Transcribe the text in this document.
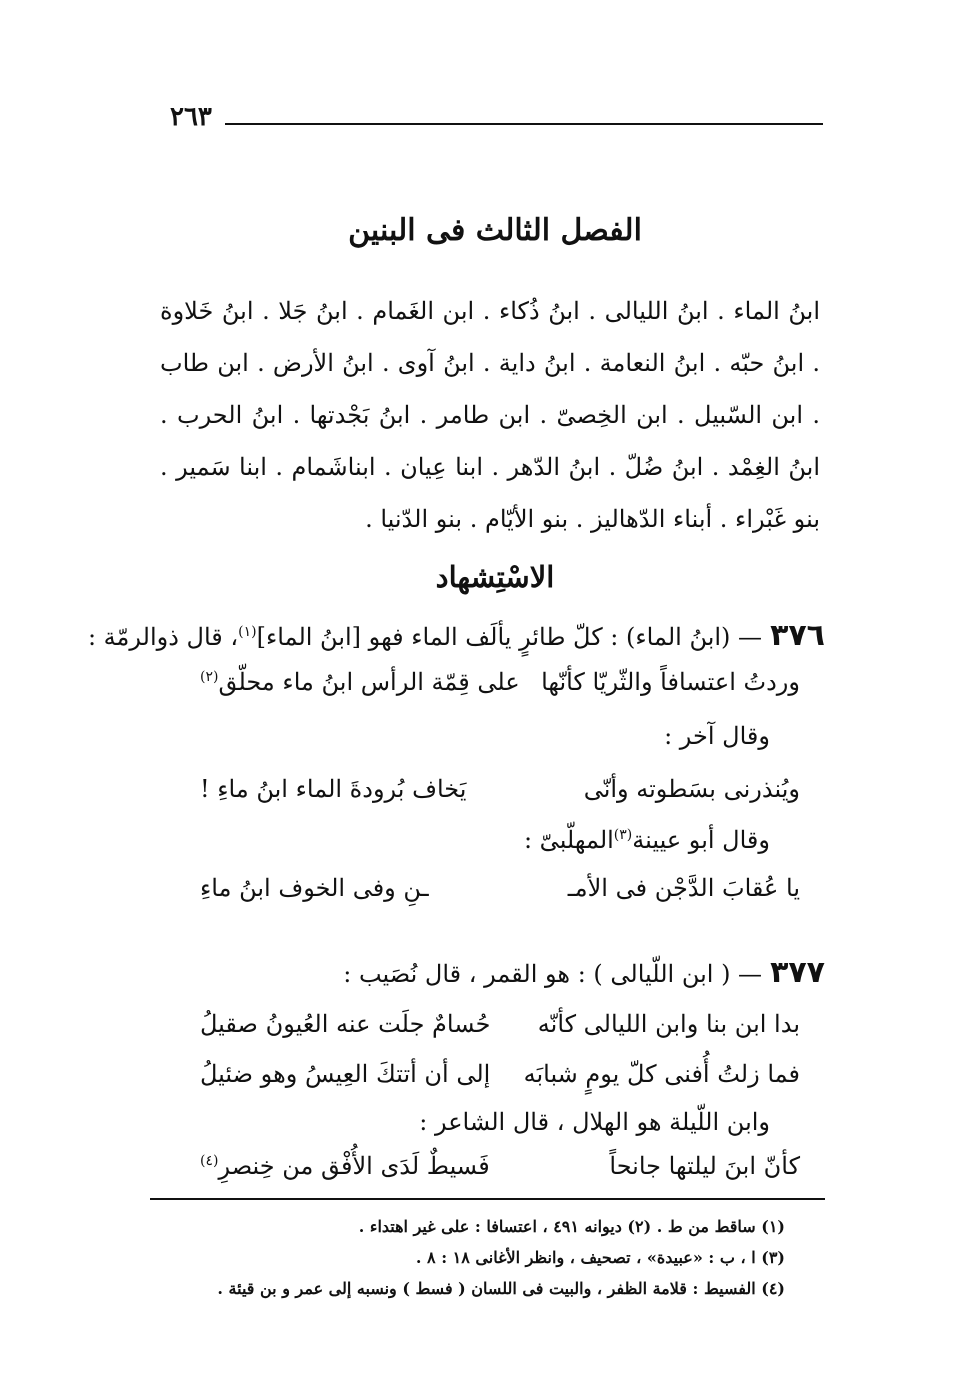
٢٦٣
الفصل الثالث فى البنين
ابنُ الماء . ابنُ الليالى . ابنُ ذُكاء . ابن الغَمام . ابنُ جَلا . ابنُ خَلاوة . ابنُ حبّه . ابنُ النعامة . ابنُ داية . ابنُ آوى . ابنُ الأرض . ابن طاب . ابن السّبيل . ابن الخِصىّ . ابن طامر . ابنُ بَجْدتها . ابنُ الحرب . ابنُ الغِمْد . ابنُ ضُلّ . ابنُ الدّهر . ابنا عِيان . ابناشَمام . ابنا سَمير . بنو غَبْراء . أبناء الدّهاليز . بنو الأيّام . بنو الدّنيا .
الاسْتِشهاد
٣٧٦— (ابنُ الماء) : كلّ طائرٍ يألَف الماء فهو [ابنُ الماء]$^{(١)}$، قال ذوالرمّة :
وردتُ اعتسافاً والثّريّا كأنّها
على قِمّة الرأس ابنُ ماء محلّق$^{(٢)}$
وقال آخر :
ويُنذرنى بسَطوته وأنّى
يَخاف بُرودةَ الماء ابنُ ماءِ !
وقال أبو عيينة$^{(٣)}$المهلّبىّ :
يا عُقابَ الدَّجْن فى الأمـ
ـنِ وفى الخوف ابنُ ماءِ
٣٧٧— ( ابن اللّيالى ) : هو القمر ، قال نُصَيب :
بدا ابن بنا وابن الليالى كأنّه
حُسامٌ جلَت عنه العُيونُ صقيلُ
فما زلتُ أُفنى كلّ يومٍ شبابَه
إلى أن أتتكَ العِيسُ وهو ضئيلُ
وابن اللّيلة هو الهلال ، قال الشاعر :
كأنّ ابنَ ليلتها جانحاً
فَسيطٌ لَدَى الأُفْق من خِنصرِ$^{(٤)}$
(١) ساقط من ط . (٢) ديوانه ٤٩١ ، اعتسافا : على غير اهتداء .
(٣) ا ، ب : «عبيدة» ، تصحيف ، وانظر الأغانى ١٨ : ٨ .
(٤) الفسيط : قلامة الظفر ، والبيت فى اللسان ( فسط ) ونسبه إلى عمر و بن قيئة .
